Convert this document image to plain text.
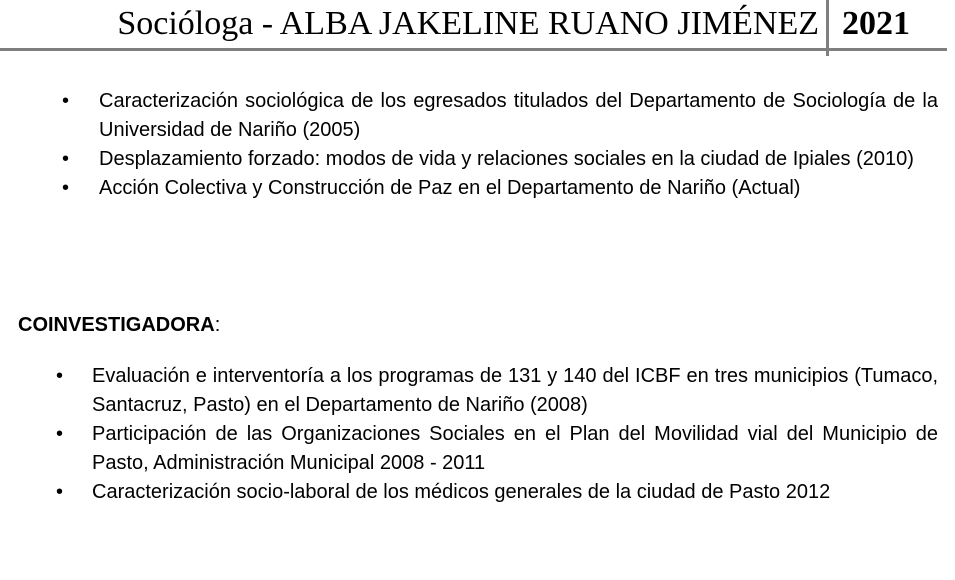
Socióloga - ALBA JAKELINE RUANO JIMÉNEZ 2021
• Caracterización sociológica de los egresados titulados del Departamento de Sociología de la Universidad de Nariño (2005)
• Desplazamiento forzado: modos de vida y relaciones sociales en la ciudad de Ipiales (2010)
• Acción Colectiva y Construcción de Paz en el Departamento de Nariño (Actual)
COINVESTIGADORA:
• Evaluación e interventoría a los programas de 131 y 140 del ICBF en tres municipios (Tumaco, Santacruz, Pasto) en el Departamento de Nariño (2008)
• Participación de las Organizaciones Sociales en el Plan del Movilidad vial del Municipio de Pasto, Administración Municipal 2008 - 2011
• Caracterización socio-laboral de los médicos generales de la ciudad de Pasto 2012
